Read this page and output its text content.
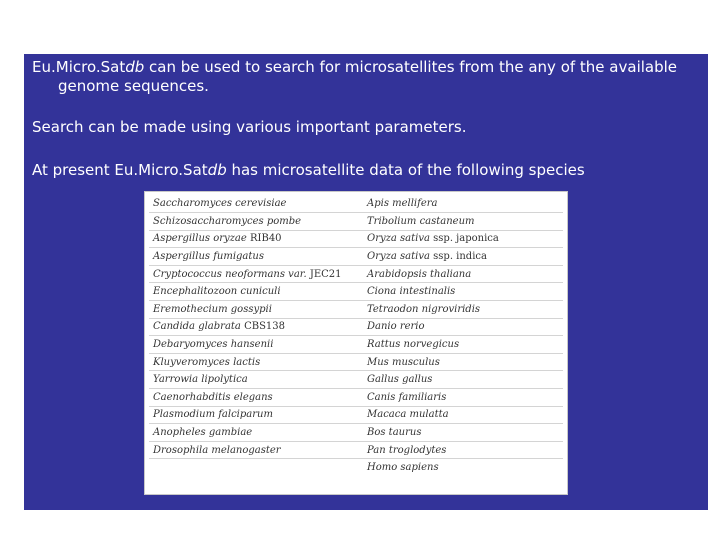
Eu.Micro.Satdb can be used to search for microsatellites from the any of the available
genome sequences.

Search can be made using various important parameters.

At present Eu.Micro.Satdb has microsatellite data of the following species

Saccharomyces cerevisiae	Apis mellifera
Schizosaccharomyces pombe	Tribolium castaneum
Aspergillus oryzae RIB40	Oryza sativa ssp. japonica
Aspergillus fumigatus	Oryza sativa ssp. indica
Cryptococcus neoformans var. JEC21	Arabidopsis thaliana
Encephalitozoon cuniculi	Ciona intestinalis
Eremothecium gossypii	Tetraodon nigroviridis
Candida glabrata CBS138	Danio rerio
Debaryomyces hansenii	Rattus norvegicus
Kluyveromyces lactis	Mus musculus
Yarrowia lipolytica	Gallus gallus
Caenorhabditis elegans	Canis familiaris
Plasmodium falciparum	Macaca mulatta
Anopheles gambiae	Bos taurus
Drosophila melanogaster	Pan troglodytes
	Homo sapiens
